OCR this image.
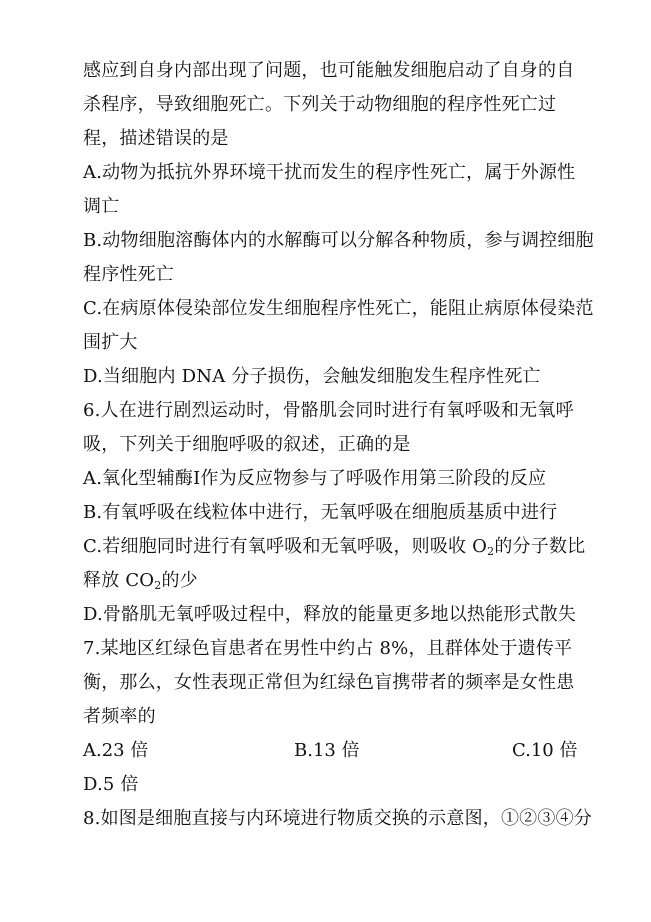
感应到自身内部出现了问题，也可能触发细胞启动了自身的自
杀程序，导致细胞死亡。下列关于动物细胞的程序性死亡过
程，描述错误的是
A.动物为抵抗外界环境干扰而发生的程序性死亡，属于外源性
调亡
B.动物细胞溶酶体内的水解酶可以分解各种物质，参与调控细胞
程序性死亡
C.在病原体侵染部位发生细胞程序性死亡，能阻止病原体侵染范
围扩大
D.当细胞内 DNA 分子损伤，会触发细胞发生程序性死亡
6.人在进行剧烈运动时，骨骼肌会同时进行有氧呼吸和无氧呼
吸，下列关于细胞呼吸的叙述，正确的是
A.氧化型辅酶Ⅰ作为反应物参与了呼吸作用第三阶段的反应
B.有氧呼吸在线粒体中进行，无氧呼吸在细胞质基质中进行
C.若细胞同时进行有氧呼吸和无氧呼吸，则吸收 $O_2$的分子数比
释放 $CO_2$的少
D.骨骼肌无氧呼吸过程中，释放的能量更多地以热能形式散失
7.某地区红绿色盲患者在男性中约占 8%，且群体处于遗传平
衡，那么，女性表现正常但为红绿色盲携带者的频率是女性患
者频率的
A.23 倍	B.13 倍	C.10 倍
D.5 倍
8.如图是细胞直接与内环境进行物质交换的示意图，①②③④分
